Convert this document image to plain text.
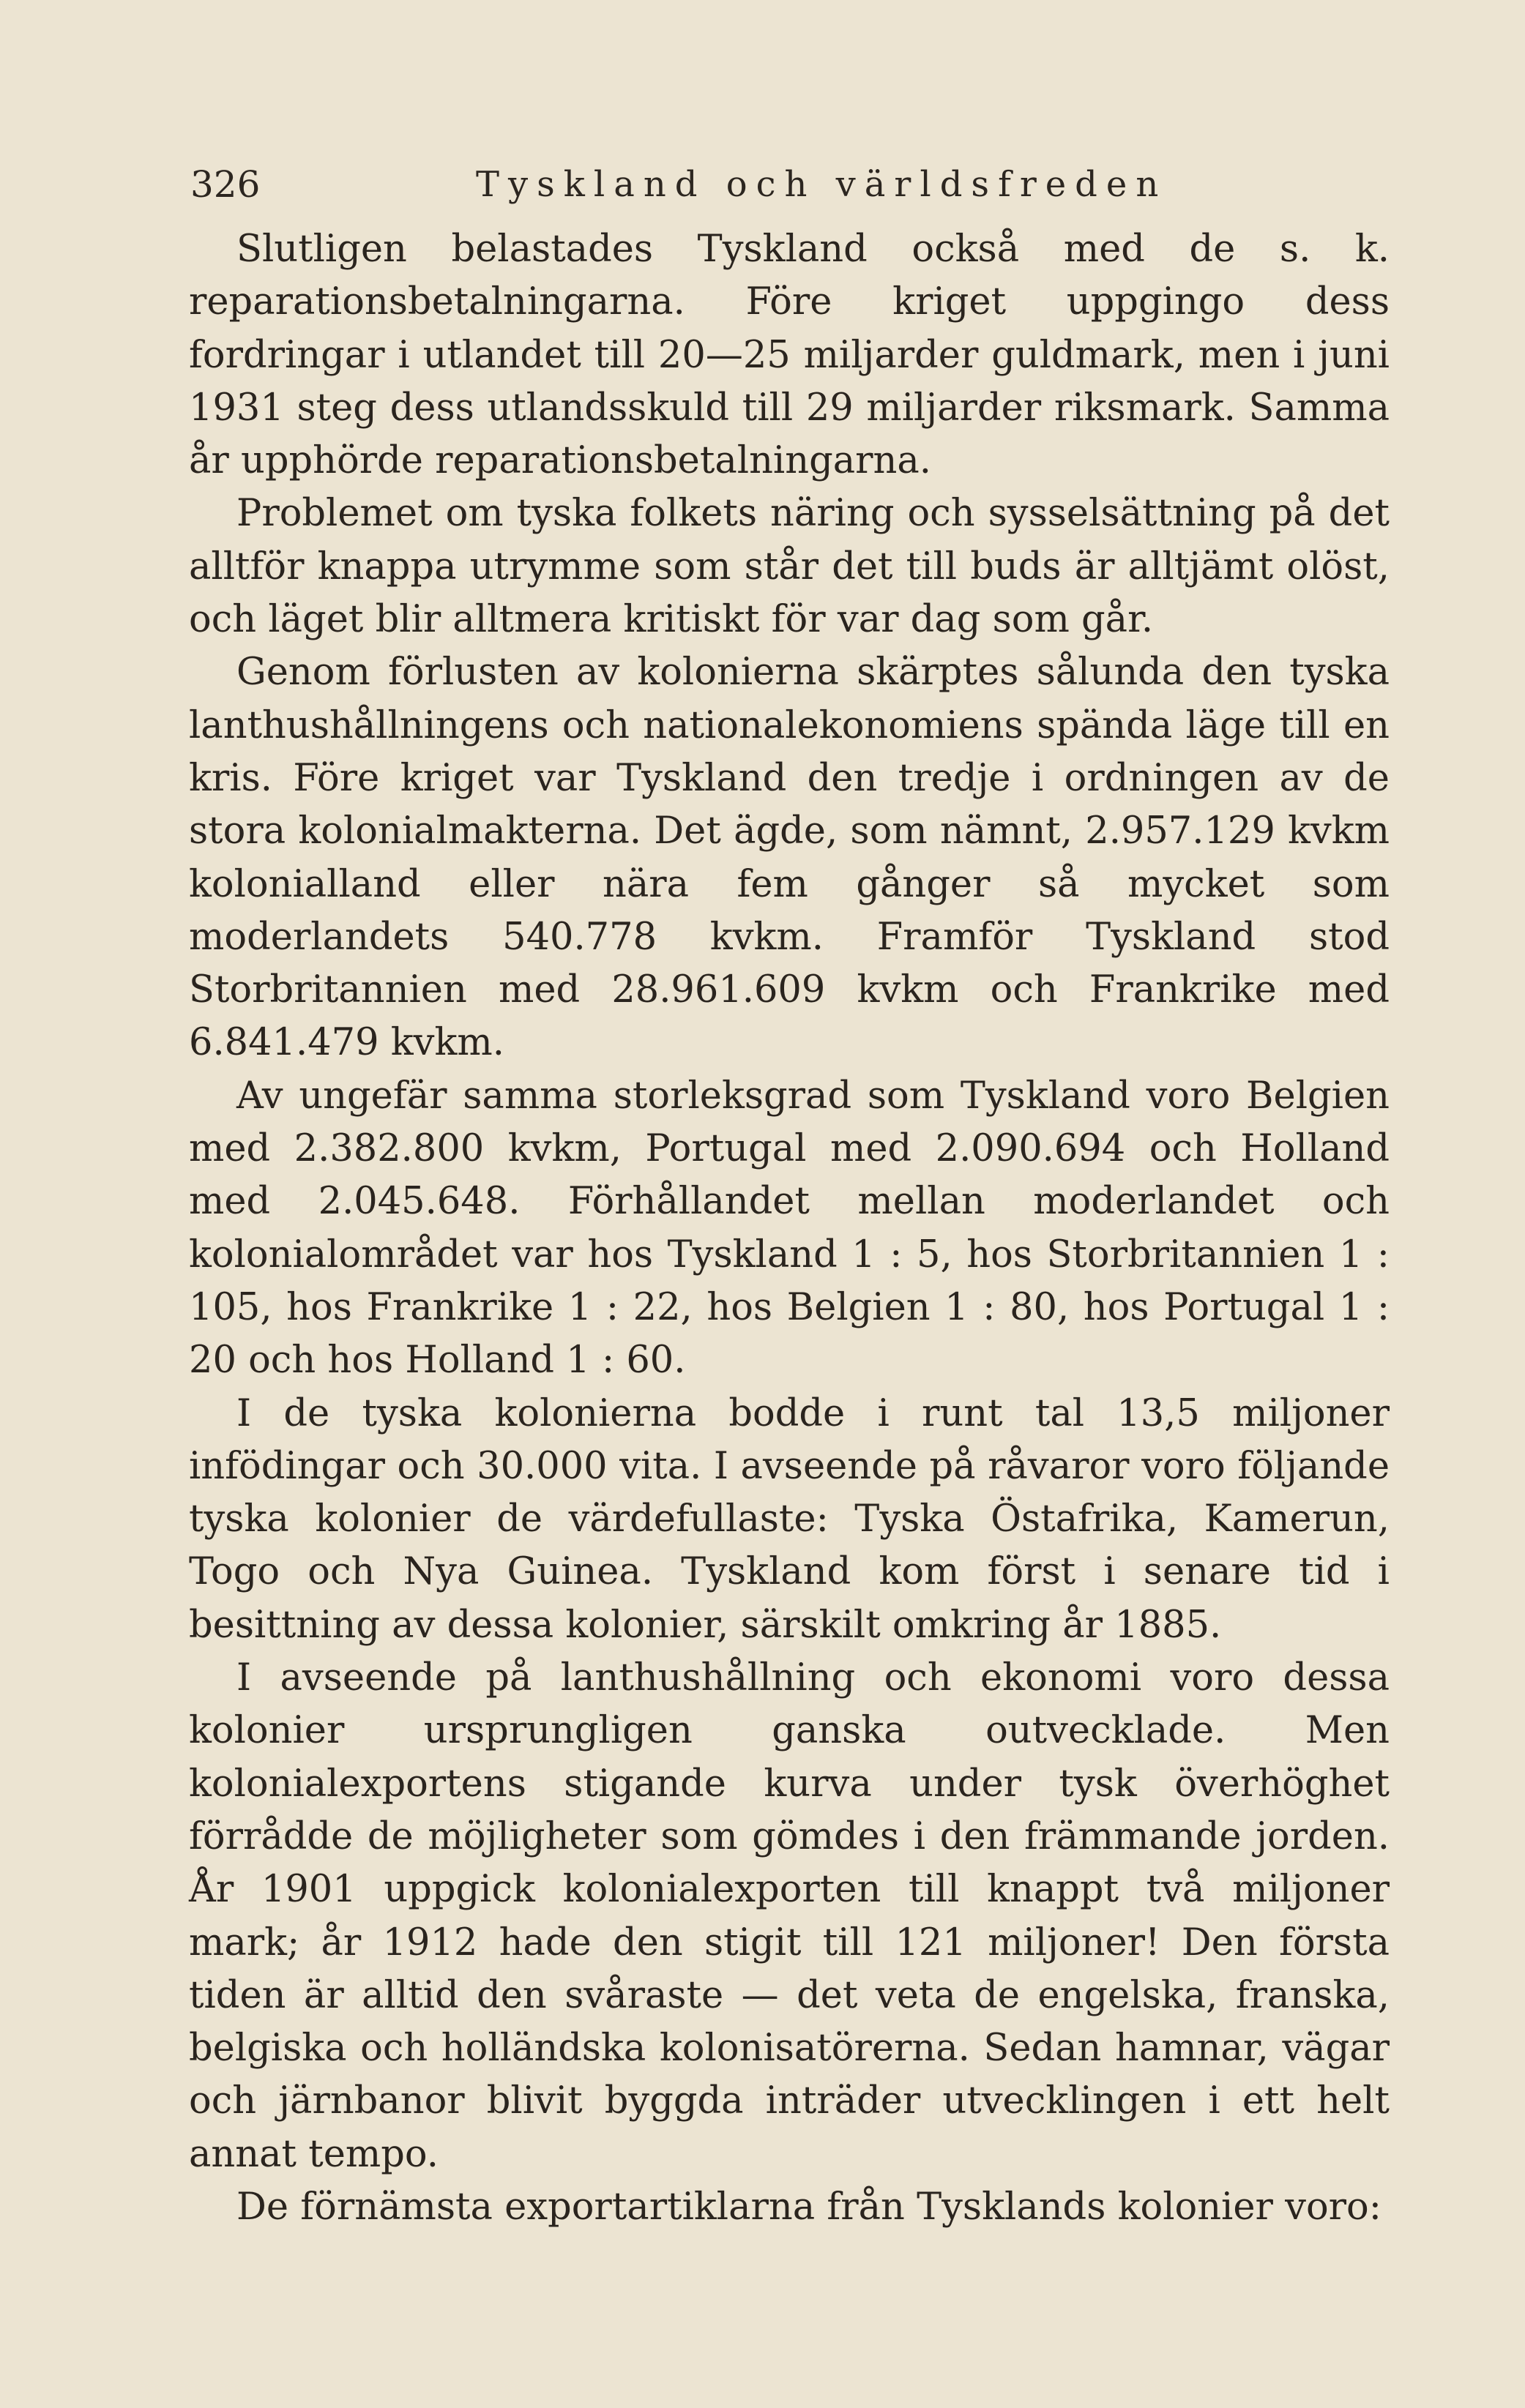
326	Tyskland och världsfreden

Slutligen belastades Tyskland också med de s. k. reparationsbetalningarna. Före kriget uppgingo dess fordringar i utlandet till 20—25 miljarder guldmark, men i juni 1931 steg dess utlandsskuld till 29 miljarder riksmark. Samma år upphörde reparationsbetalningarna.

Problemet om tyska folkets näring och sysselsättning på det alltför knappa utrymme som står det till buds är alltjämt olöst, och läget blir alltmera kritiskt för var dag som går.

Genom förlusten av kolonierna skärptes sålunda den tyska lanthushållningens och nationalekonomiens spända läge till en kris. Före kriget var Tyskland den tredje i ordningen av de stora kolonialmakterna. Det ägde, som nämnt, 2.957.129 kvkm kolonialland eller nära fem gånger så mycket som moderlandets 540.778 kvkm. Framför Tyskland stod Storbritannien med 28.961.609 kvkm och Frankrike med 6.841.479 kvkm.

Av ungefär samma storleksgrad som Tyskland voro Belgien med 2.382.800 kvkm, Portugal med 2.090.694 och Holland med 2.045.648. Förhållandet mellan moderlandet och kolonialområdet var hos Tyskland 1 : 5, hos Storbritannien 1 : 105, hos Frankrike 1 : 22, hos Belgien 1 : 80, hos Portugal 1 : 20 och hos Holland 1 : 60.

I de tyska kolonierna bodde i runt tal 13,5 miljoner infödingar och 30.000 vita. I avseende på råvaror voro följande tyska kolonier de värdefullaste: Tyska Östafrika, Kamerun, Togo och Nya Guinea. Tyskland kom först i senare tid i besittning av dessa kolonier, särskilt omkring år 1885.

I avseende på lanthushållning och ekonomi voro dessa kolonier ursprungligen ganska outvecklade. Men kolonialexportens stigande kurva under tysk överhöghet förrådde de möjligheter som gömdes i den främmande jorden. År 1901 uppgick kolonialexporten till knappt två miljoner mark; år 1912 hade den stigit till 121 miljoner! Den första tiden är alltid den svåraste — det veta de engelska, franska, belgiska och holländska kolonisatörerna. Sedan hamnar, vägar och järnbanor blivit byggda inträder utvecklingen i ett helt annat tempo.

De förnämsta exportartiklarna från Tysklands kolonier voro:
